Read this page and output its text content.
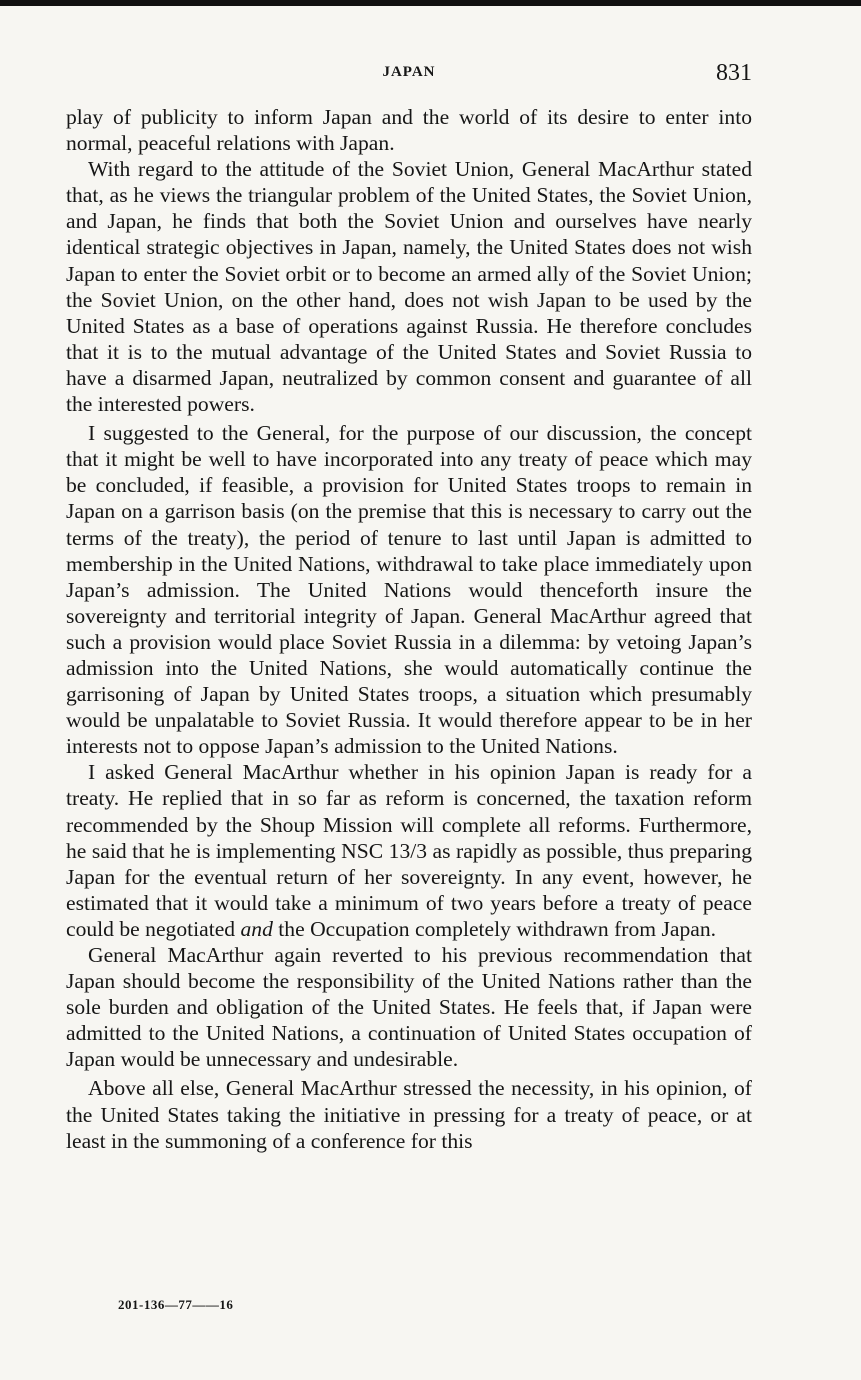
JAPAN	831

play of publicity to inform Japan and the world of its desire to enter into normal, peaceful relations with Japan.

With regard to the attitude of the Soviet Union, General MacArthur stated that, as he views the triangular problem of the United States, the Soviet Union, and Japan, he finds that both the Soviet Union and ourselves have nearly identical strategic objectives in Japan, namely, the United States does not wish Japan to enter the Soviet orbit or to become an armed ally of the Soviet Union; the Soviet Union, on the other hand, does not wish Japan to be used by the United States as a base of operations against Russia. He therefore concludes that it is to the mutual advantage of the United States and Soviet Russia to have a disarmed Japan, neutralized by common consent and guarantee of all the interested powers.

I suggested to the General, for the purpose of our discussion, the concept that it might be well to have incorporated into any treaty of peace which may be concluded, if feasible, a provision for United States troops to remain in Japan on a garrison basis (on the premise that this is necessary to carry out the terms of the treaty), the period of tenure to last until Japan is admitted to membership in the United Nations, withdrawal to take place immediately upon Japan’s admission. The United Nations would thenceforth insure the sovereignty and territorial integrity of Japan. General MacArthur agreed that such a provision would place Soviet Russia in a dilemma: by vetoing Japan’s admission into the United Nations, she would automatically continue the garrisoning of Japan by United States troops, a situation which presumably would be unpalatable to Soviet Russia. It would therefore appear to be in her interests not to oppose Japan’s admission to the United Nations.

I asked General MacArthur whether in his opinion Japan is ready for a treaty. He replied that in so far as reform is concerned, the taxation reform recommended by the Shoup Mission will complete all reforms. Furthermore, he said that he is implementing NSC 13/3 as rapidly as possible, thus preparing Japan for the eventual return of her sovereignty. In any event, however, he estimated that it would take a minimum of two years before a treaty of peace could be negotiated and the Occupation completely withdrawn from Japan.

General MacArthur again reverted to his previous recommendation that Japan should become the responsibility of the United Nations rather than the sole burden and obligation of the United States. He feels that, if Japan were admitted to the United Nations, a continuation of United States occupation of Japan would be unnecessary and undesirable.

Above all else, General MacArthur stressed the necessity, in his opinion, of the United States taking the initiative in pressing for a treaty of peace, or at least in the summoning of a conference for this

201-136—77——16
